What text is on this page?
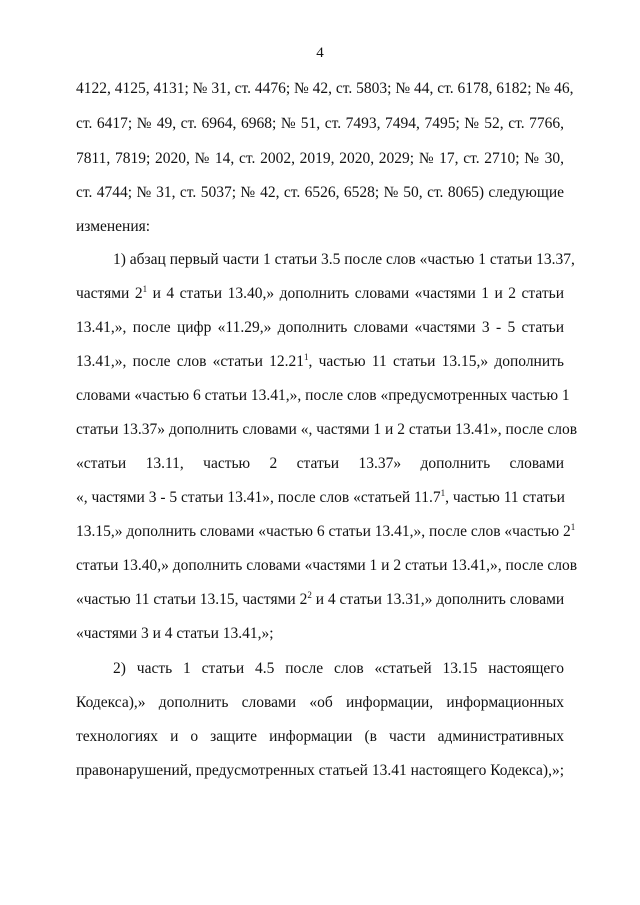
4
4122, 4125, 4131; № 31, ст. 4476; № 42, ст. 5803; № 44, ст. 6178, 6182; № 46,
ст. 6417; № 49, ст. 6964, 6968; № 51, ст. 7493, 7494, 7495; № 52, ст. 7766,
7811, 7819; 2020, № 14, ст. 2002, 2019, 2020, 2029; № 17, ст. 2710; № 30,
ст. 4744; № 31, ст. 5037; № 42, ст. 6526, 6528; № 50, ст. 8065) следующие
изменения:
1) абзац первый части 1 статьи 3.5 после слов «частью 1 статьи 13.37,
частями $2^1$ и 4 статьи 13.40,» дополнить словами «частями 1 и 2 статьи
13.41,», после цифр «11.29,» дополнить словами «частями 3 - 5 статьи
13.41,», после слов «статьи 12.21$^1$, частью 11 статьи 13.15,» дополнить
словами «частью 6 статьи 13.41,», после слов «предусмотренных частью 1
статьи 13.37» дополнить словами «, частями 1 и 2 статьи 13.41», после слов
«статьи 13.11, частью 2 статьи 13.37» дополнить словами
«, частями 3 - 5 статьи 13.41», после слов «статьей 11.7$^1$, частью 11 статьи
13.15,» дополнить словами «частью 6 статьи 13.41,», после слов «частью $2^1$
статьи 13.40,» дополнить словами «частями 1 и 2 статьи 13.41,», после слов
«частью 11 статьи 13.15, частями $2^2$ и 4 статьи 13.31,» дополнить словами
«частями 3 и 4 статьи 13.41,»;
2) часть 1 статьи 4.5 после слов «статьей 13.15 настоящего
Кодекса),» дополнить словами «об информации, информационных
технологиях и о защите информации (в части административных
правонарушений, предусмотренных статьей 13.41 настоящего Кодекса),»;
